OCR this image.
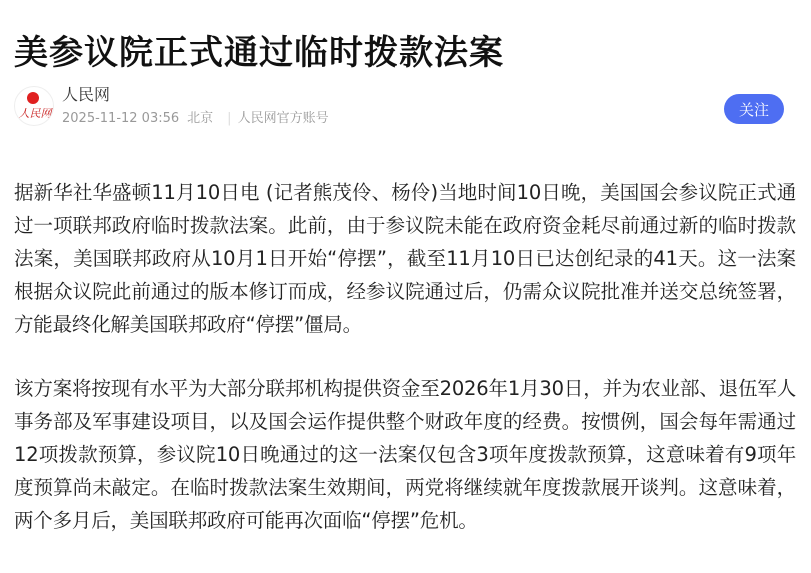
美参议院正式通过临时拨款法案
人民网
人民网
2025-11-12 03:56 北京 | 人民网官方账号	关注

据新华社华盛顿11月10日电 (记者熊茂伶、杨伶)当地时间10日晚，美国国会参议院正式通过一项联邦政府临时拨款法案。此前，由于参议院未能在政府资金耗尽前通过新的临时拨款法案，美国联邦政府从10月1日开始“停摆”，截至11月10日已达创纪录的41天。这一法案根据众议院此前通过的版本修订而成，经参议院通过后，仍需众议院批准并送交总统签署，方能最终化解美国联邦政府“停摆”僵局。

该方案将按现有水平为大部分联邦机构提供资金至2026年1月30日，并为农业部、退伍军人事务部及军事建设项目，以及国会运作提供整个财政年度的经费。按惯例，国会每年需通过12项拨款预算，参议院10日晚通过的这一法案仅包含3项年度拨款预算，这意味着有9项年度预算尚未敲定。在临时拨款法案生效期间，两党将继续就年度拨款展开谈判。这意味着，两个多月后，美国联邦政府可能再次面临“停摆”危机。
